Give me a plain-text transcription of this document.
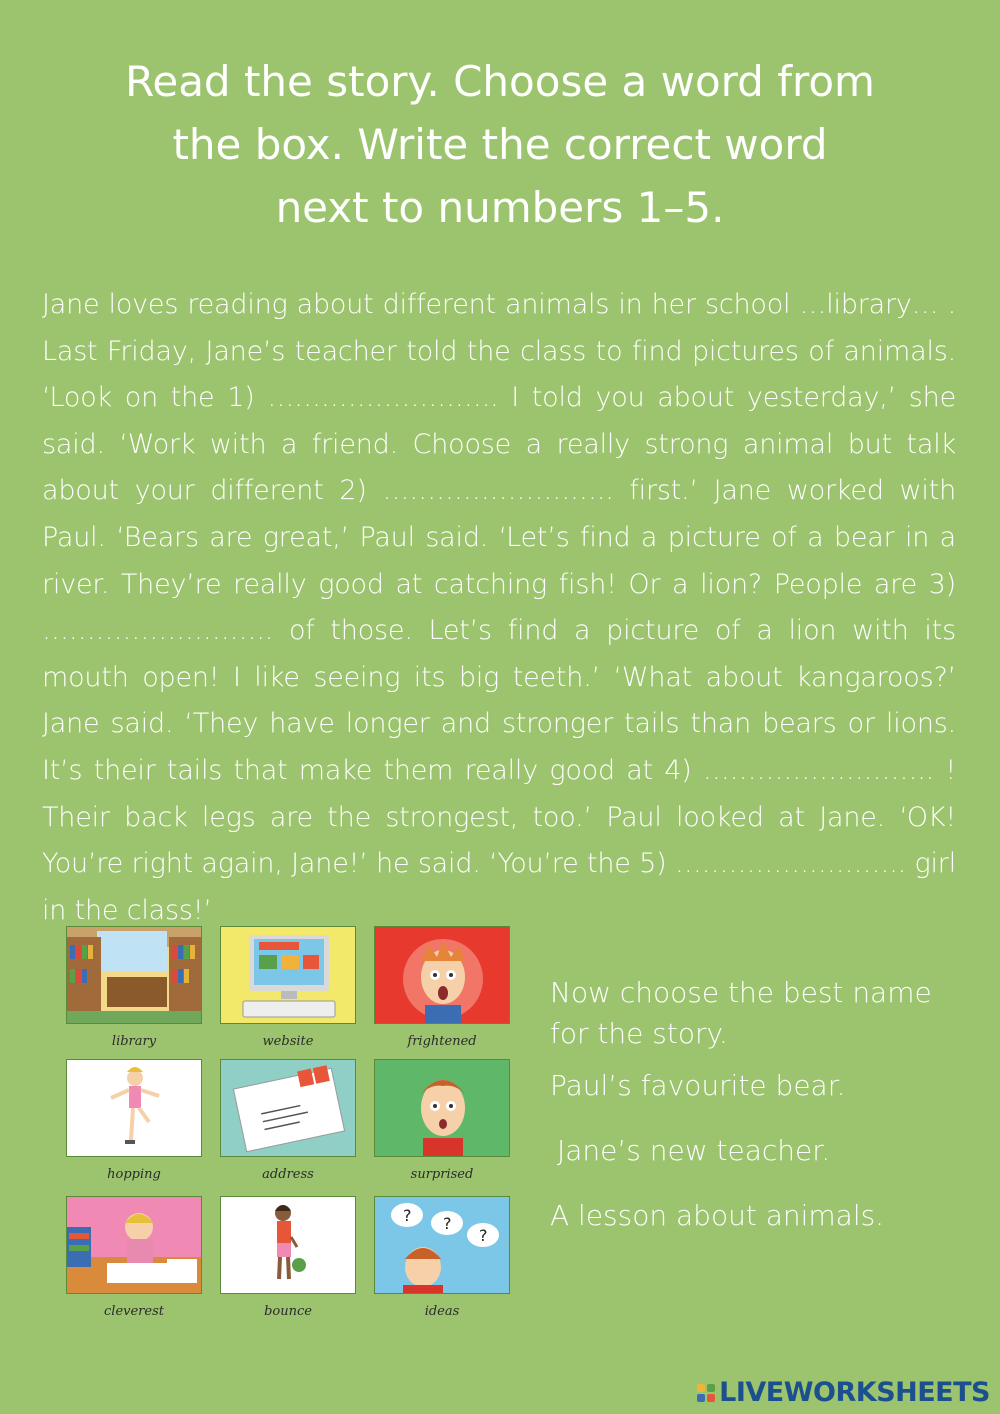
Read the story. Choose a word from
the box. Write the correct word
next to numbers 1–5.
Jane loves reading about different animals in her school …library… . Last Friday, Jane’s teacher told the class to find pictures of animals. ‘Look on the 1) …………………….. I told you about yesterday,’ she said. ‘Work with a friend. Choose a really strong animal but talk about your different 2) …………………….. first.’ Jane worked with Paul. ‘Bears are great,’ Paul said. ‘Let’s find a picture of a bear in a river. They’re really good at catching fish! Or a lion? People are 3) …………………….. of those. Let’s find a picture of a lion with its mouth open! I like seeing its big teeth.’ ‘What about kangaroos?’ Jane said. ‘They have longer and stronger tails than bears or lions. It’s their tails that make them really good at 4) …………………….. ! Their back legs are the strongest, too.’ Paul looked at Jane. ‘OK! You’re right again, Jane!’ he said. ‘You’re the 5) …………………….. girl in the class!’
library	website	frightened
hopping	address	surprised
cleverest	bounce
? ?
?
ideas

Now choose the best name for the story.

Paul’s favourite bear.

Jane’s new teacher.

A lesson about animals.

LIVEWORKSHEETS
